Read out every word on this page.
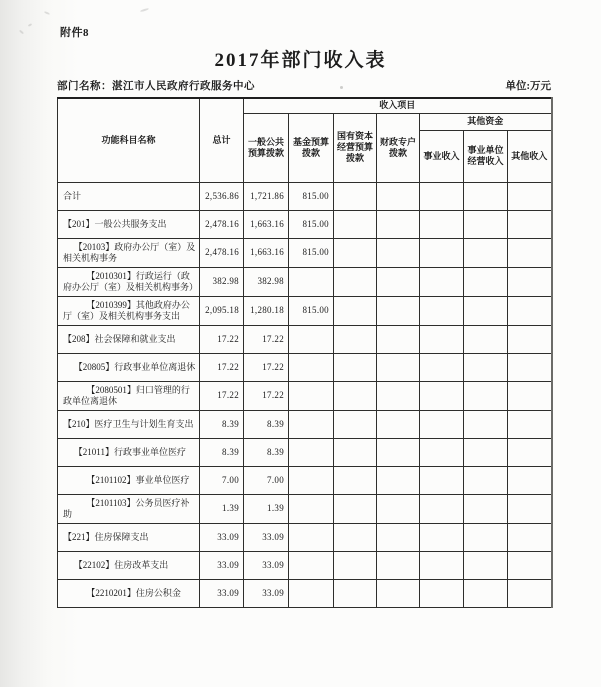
附件8
2017年部门收入表
部门名称：湛江市人民政府行政服务中心	单位:万元
功能科目名称	总计	收入项目						
		一般公共预算拨款	基金预算拨款	国有资本经营预算拨款	财政专户拨款	其他资金		
						事业收入	事业单位经营收入	其他收入
合计	2,536.86	1,721.86	815.00					
【201】一般公共服务支出	2,478.16	1,663.16	815.00					
【20103】政府办公厅（室）及相关机构事务	2,478.16	1,663.16	815.00					
【2010301】行政运行（政府办公厅（室）及相关机构事务）	382.98	382.98						
【2010399】其他政府办公厅（室）及相关机构事务支出	2,095.18	1,280.18	815.00					
【208】社会保障和就业支出	17.22	17.22						
【20805】行政事业单位离退休	17.22	17.22						
【2080501】归口管理的行政单位离退休	17.22	17.22						
【210】医疗卫生与计划生育支出	8.39	8.39						
【21011】行政事业单位医疗	8.39	8.39						
【2101102】事业单位医疗	7.00	7.00						
【2101103】公务员医疗补助	1.39	1.39						
【221】住房保障支出	33.09	33.09						
【22102】住房改革支出	33.09	33.09						
【2210201】住房公积金	33.09	33.09						
